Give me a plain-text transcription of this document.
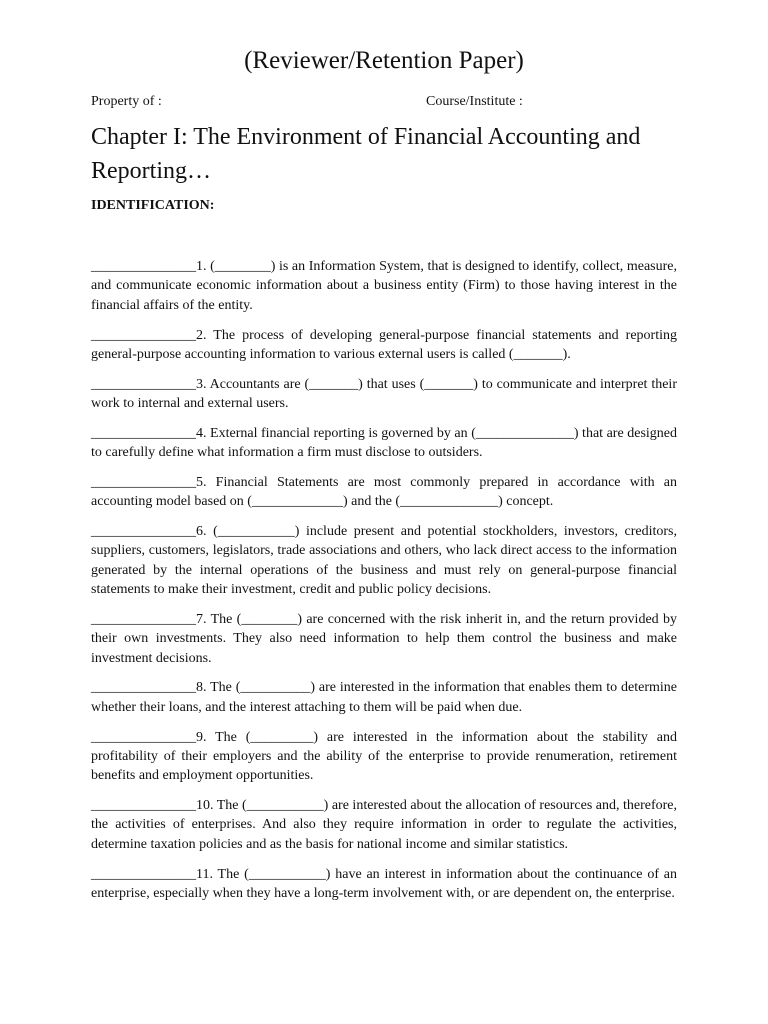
(Reviewer/Retention Paper)
Property of :	Course/Institute :
Chapter I: The Environment of Financial Accounting and
Reporting…
IDENTIFICATION:
_______________1. (________) is an Information System, that is designed to identify, collect, measure, and communicate economic information about a business entity (Firm) to those having interest in the financial affairs of the entity.
_______________2. The process of developing general-purpose financial statements and reporting general-purpose accounting information to various external users is called (_______).
_______________3. Accountants are (_______) that uses (_______) to communicate and interpret their work to internal and external users.
_______________4. External financial reporting is governed by an (______________) that are designed to carefully define what information a firm must disclose to outsiders.
_______________5. Financial Statements are most commonly prepared in accordance with an accounting model based on (_____________) and the (______________) concept.
_______________6. (___________) include present and potential stockholders, investors, creditors, suppliers, customers, legislators, trade associations and others, who lack direct access to the information generated by the internal operations of the business and must rely on general-purpose financial statements to make their investment, credit and public policy decisions.
_______________7. The (________) are concerned with the risk inherit in, and the return provided by their own investments. They also need information to help them control the business and make investment decisions.
_______________8. The (__________) are interested in the information that enables them to determine whether their loans, and the interest attaching to them will be paid when due.
_______________9. The (_________) are interested in the information about the stability and profitability of their employers and the ability of the enterprise to provide renumeration, retirement benefits and employment opportunities.
_______________10. The (___________) are interested about the allocation of resources and, therefore, the activities of enterprises. And also they require information in order to regulate the activities, determine taxation policies and as the basis for national income and similar statistics.
_______________11. The (___________) have an interest in information about the continuance of an enterprise, especially when they have a long-term involvement with, or are dependent on, the enterprise.
